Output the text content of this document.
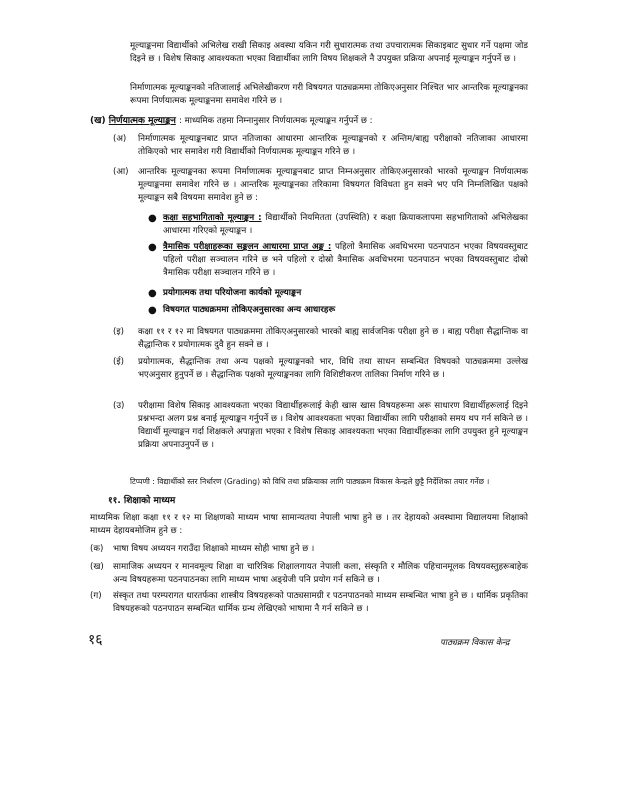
मूल्याङ्कनमा विद्यार्थीको अभिलेख राखी सिकाइ अवस्था यकिन गरी सुधारात्मक तथा उपचारात्मक सिकाइबाट सुधार गर्ने पक्षमा जोड दिइने छ । विशेष सिकाइ आवश्यकता भएका विद्यार्थीका लागि विषय शिक्षकले नै उपयुक्त प्रक्रिया अपनाई मूल्याङ्कन गर्नुपर्ने छ ।

निर्माणात्मक मूल्याङ्कनको नतिजालाई अभिलेखीकरण गरी विषयगत पाठ्यक्रममा तोकिएअनुसार निश्चित भार आन्तरिक मूल्याङ्कनका रूपमा निर्णयात्मक मूल्याङ्कनमा समावेश गरिने छ ।

(ख) निर्णयात्मक मूल्याङ्कन : माध्यमिक तहमा निम्नानुसार निर्णयात्मक मूल्याङ्कन गर्नुपर्ने छ :
(अ) निर्माणात्मक मूल्याङ्कनबाट प्राप्त नतिजाका आधारमा आन्तरिक मूल्याङ्कनको र अन्तिम/बाह्य परीक्षाको नतिजाका आधारमा तोकिएको भार समावेश गरी विद्यार्थीको निर्णयात्मक मूल्याङ्कन गरिने छ ।

(आ) आन्तरिक मूल्याङ्कनका रूपमा निर्माणात्मक मूल्याङ्कनबाट प्राप्त निम्नअनुसार तोकिएअनुसारको भारको मूल्याङ्कन निर्णयात्मक मूल्याङ्कनमा समावेश गरिने छ । आन्तरिक मूल्याङ्कनका तरिकामा विषयगत विविधता हुन सक्ने भए पनि निम्नलिखित पक्षको मूल्याङ्कन सबै विषयमा समावेश हुने छ :

● कक्षा सहभागिताको मूल्याङ्कन : विद्यार्थीको नियमितता (उपस्थिति) र कक्षा क्रियाकलापमा सहभागिताको अभिलेखका आधारमा गरिएको मूल्याङ्कन ।

● त्रैमासिक परीक्षाहरूका सङ्कलन आधारमा प्राप्त अङ्क : पहिलो त्रैमासिक अवधिभरमा पठनपाठन भएका विषयवस्तुबाट पहिलो परीक्षा सञ्चालन गरिने छ भने पहिलो र दोस्रो त्रैमासिक अवधिभरमा पठनपाठन भएका विषयवस्तुबाट दोस्रो त्रैमासिक परीक्षा सञ्चालन गरिने छ ।

● प्रयोगात्मक तथा परियोजना कार्यको मूल्याङ्कन

● विषयगत पाठ्यक्रममा तोकिएअनुसारका अन्य आधारहरू

(इ) कक्षा ११ र १२ मा विषयगत पाठ्यक्रममा तोकिएअनुसारको भारको बाह्य सार्वजनिक परीक्षा हुने छ । बाह्य परीक्षा सैद्धान्तिक वा सैद्धान्तिक र प्रयोगात्मक दुवै हुन सक्ने छ ।

(ई) प्रयोगात्मक, सैद्धान्तिक तथा अन्य पक्षको मूल्याङ्कनको भार, विधि तथा साधन सम्बन्धित विषयको पाठ्यक्रममा उल्लेख भएअनुसार हुनुपर्ने छ । सैद्धान्तिक पक्षको मूल्याङ्कनका लागि विशिष्टीकरण तालिका निर्माण गरिने छ ।

(उ) परीक्षामा विशेष सिकाइ आवश्यकता भएका विद्यार्थीहरूलाई केही खास खास विषयहरूमा अरू साधारण विद्यार्थीहरूलाई दिइने प्रश्नभन्दा अलग प्रश्न बनाई मूल्याङ्कन गर्नुपर्ने छ । विशेष आवश्यकता भएका विद्यार्थीका लागि परीक्षाको समय थप गर्न सकिने छ । विद्यार्थी मूल्याङ्कन गर्दा शिक्षकले अपाङ्गता भएका र विशेष सिकाइ आवश्यकता भएका विद्यार्थीहरूका लागि उपयुक्त हुने मूल्याङ्कन प्रक्रिया अपनाउनुपर्ने छ ।

टिप्पणी : विद्यार्थीको स्तर निर्धारण (Grading) को विधि तथा प्रक्रियाका लागि पाठ्यक्रम विकास केन्द्रले छुट्टै निर्देशिका तयार गर्नेछ ।

११. शिक्षाको माध्यम

माध्यमिक शिक्षा कक्षा ११ र १२ मा शिक्षणको माध्यम भाषा सामान्यतया नेपाली भाषा हुने छ । तर देहायको अवस्थामा विद्यालयमा शिक्षाको माध्यम देहायबमोजिम हुने छ :

(क) भाषा विषय अध्ययन गराउँदा शिक्षाको माध्यम सोही भाषा हुने छ ।

(ख) सामाजिक अध्ययन र मानवमूल्य शिक्षा वा चारित्रिक शिक्षालगायत नेपाली कला, संस्कृति र मौलिक पहिचानमूलक विषयवस्तुहरूबाहेक अन्य विषयहरूमा पठनपाठनका लागि माध्यम भाषा अङ्ग्रेजी पनि प्रयोग गर्न सकिने छ ।

(ग) संस्कृत तथा परम्परागत धारतर्फका शास्त्रीय विषयहरूको पाठ्यसामग्री र पठनपाठनको माध्यम सम्बन्धित भाषा हुने छ । धार्मिक प्रकृतिका विषयहरूको पठनपाठन सम्बन्धित धार्मिक ग्रन्थ लेखिएको भाषामा नै गर्न सकिने छ ।

१६	पाठ्यक्रम विकास केन्द्र
